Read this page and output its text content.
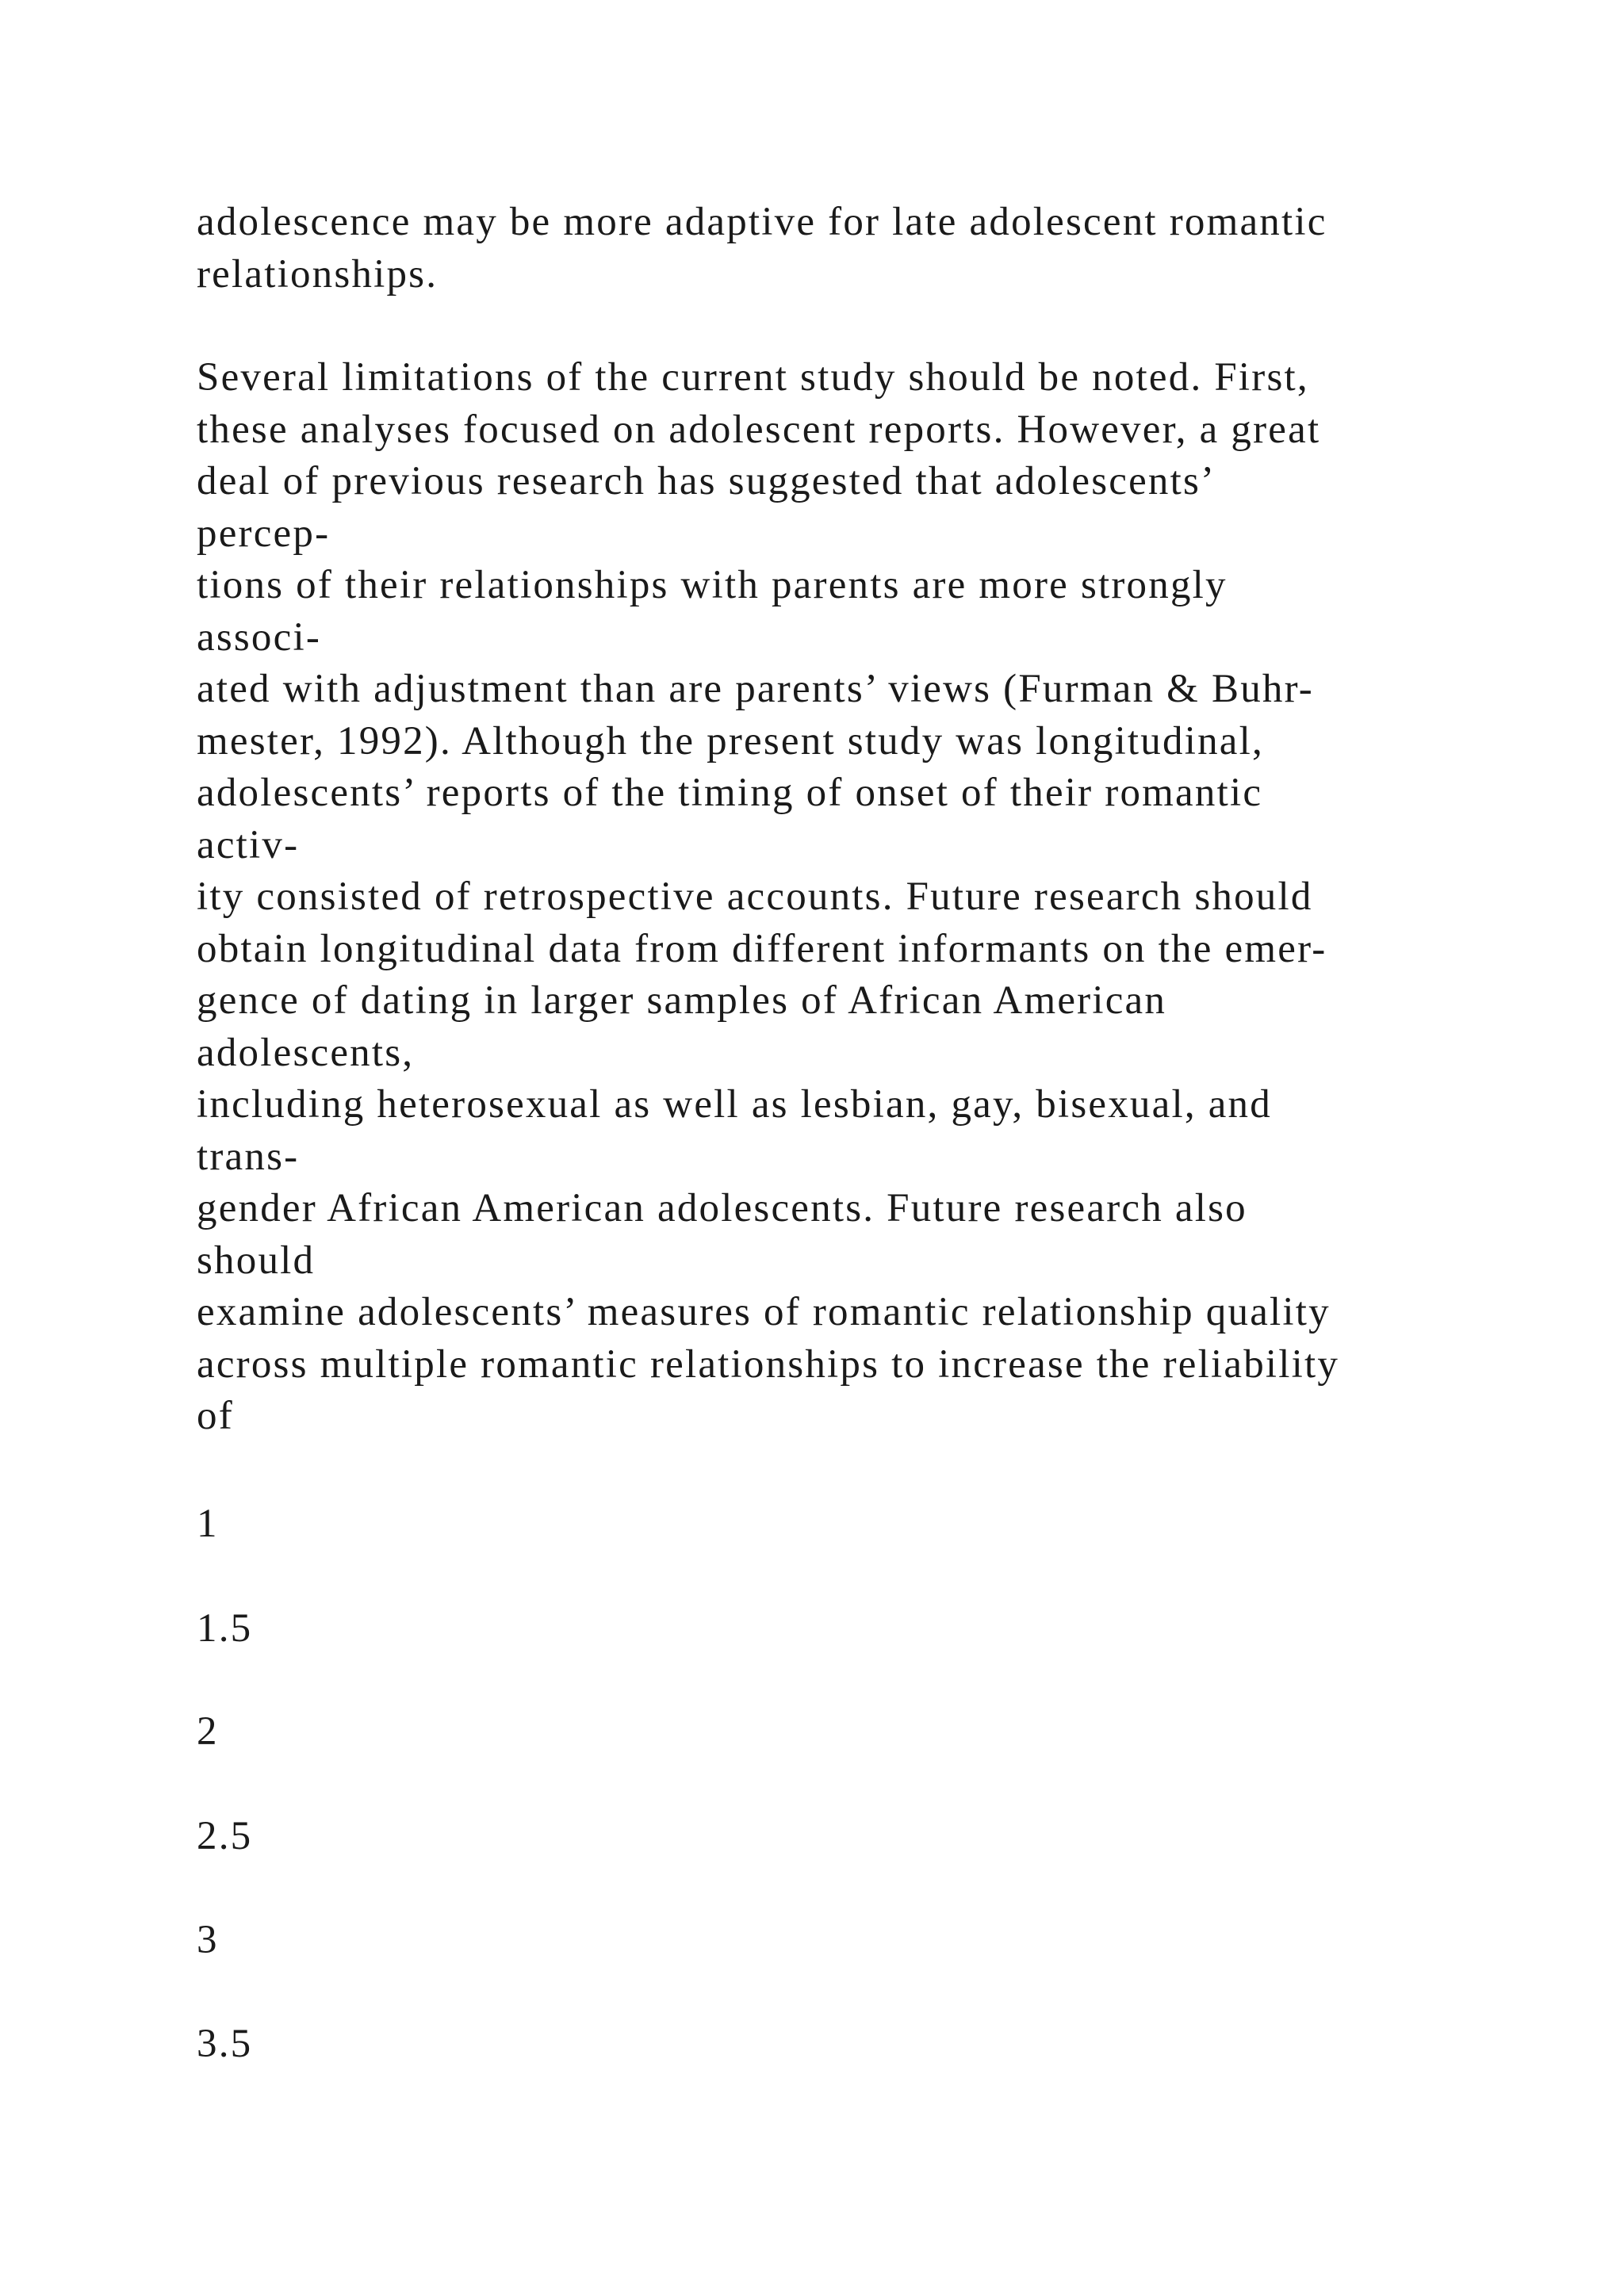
adolescence may be more adaptive for late adolescent romantic
relationships.
Several limitations of the current study should be noted. First,
these analyses focused on adolescent reports. However, a great
deal of previous research has suggested that adolescents’
percep-
tions of their relationships with parents are more strongly
associ-
ated with adjustment than are parents’ views (Furman & Buhr-
mester, 1992). Although the present study was longitudinal,
adolescents’ reports of the timing of onset of their romantic
activ-
ity consisted of retrospective accounts. Future research should
obtain longitudinal data from different informants on the emer-
gence of dating in larger samples of African American
adolescents,
including heterosexual as well as lesbian, gay, bisexual, and
trans-
gender African American adolescents. Future research also
should
examine adolescents’ measures of romantic relationship quality
across multiple romantic relationships to increase the reliability
of
1
1.5
2
2.5
3
3.5
